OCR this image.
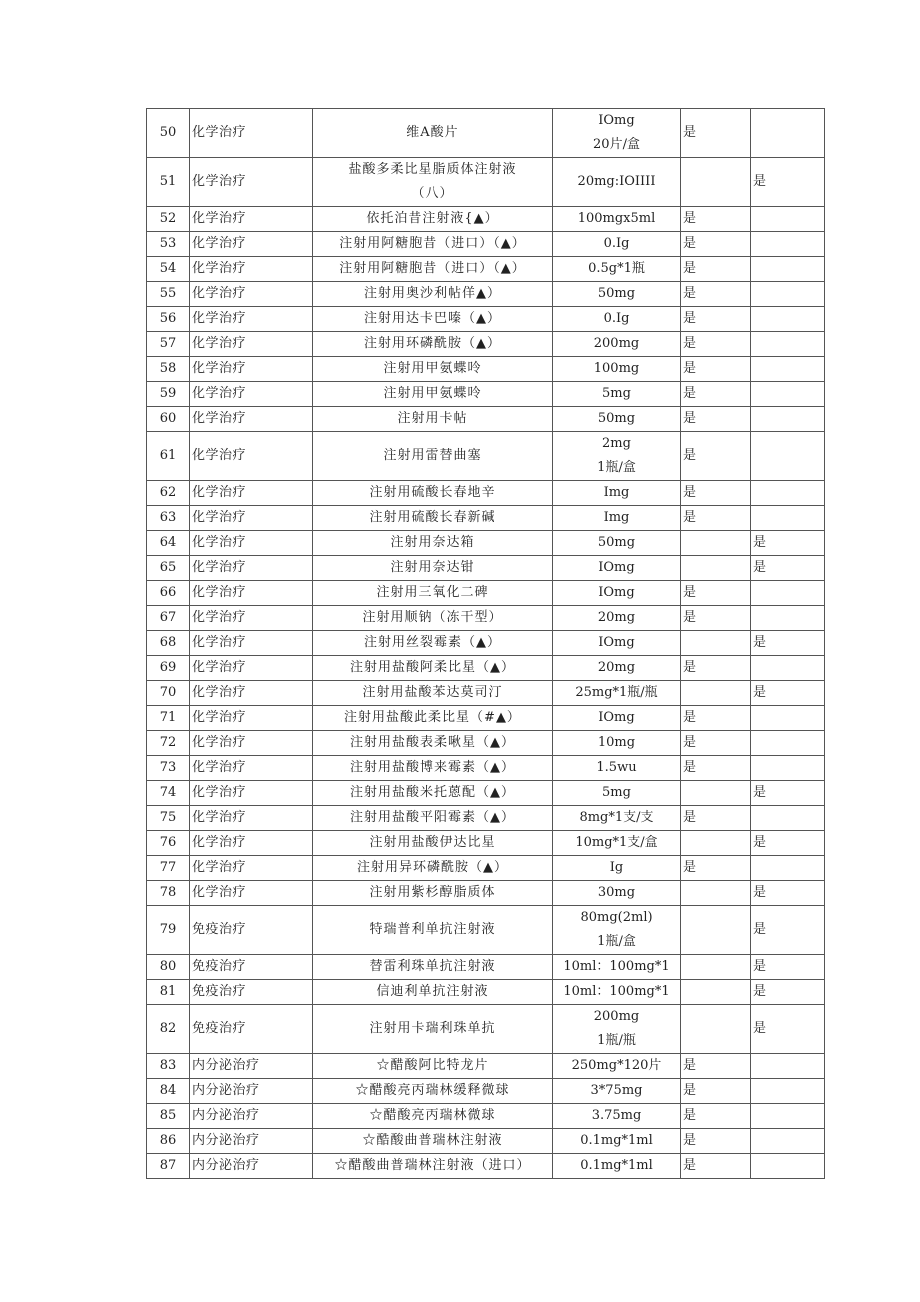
50	化学治疗	维A酸片	IOmg
20片/盒	是	
51	化学治疗	盐酸多柔比星脂质体注射液
（八）	20mg:IOIIII		是
52	化学治疗	依托泊昔注射液{▲）	100mgx5ml	是	
53	化学治疗	注射用阿糖胞昔（进口）（▲）	0.Ig	是	
54	化学治疗	注射用阿糖胞昔（进口）（▲）	0.5g*1瓶	是	
55	化学治疗	注射用奥沙利帖佯▲）	50mg	是	
56	化学治疗	注射用达卡巴嗪（▲）	0.Ig	是	
57	化学治疗	注射用环磷酰胺（▲）	200mg	是	
58	化学治疗	注射用甲氨蝶呤	100mg	是	
59	化学治疗	注射用甲氨蝶呤	5mg	是	
60	化学治疗	注射用卡帖	50mg	是	
61	化学治疗	注射用雷替曲塞	2mg
1瓶/盒	是	
62	化学治疗	注射用硫酸长春地辛	Img	是	
63	化学治疗	注射用硫酸长春新碱	Img	是	
64	化学治疗	注射用奈达箱	50mg		是
65	化学治疗	注射用奈达钳	IOmg		是
66	化学治疗	注射用三氧化二碑	IOmg	是	
67	化学治疗	注射用顺钠（冻干型）	20mg	是	
68	化学治疗	注射用丝裂霉素（▲）	IOmg		是
69	化学治疗	注射用盐酸阿柔比星（▲）	20mg	是	
70	化学治疗	注射用盐酸苯达莫司汀	25mg*1瓶/瓶		是
71	化学治疗	注射用盐酸此柔比星（#▲）	IOmg	是	
72	化学治疗	注射用盐酸表柔啾星（▲）	10mg	是	
73	化学治疗	注射用盐酸博来霉素（▲）	1.5wu	是	
74	化学治疗	注射用盐酸米托蒽配（▲）	5mg		是
75	化学治疗	注射用盐酸平阳霉素（▲）	8mg*1支/支	是	
76	化学治疗	注射用盐酸伊达比星	10mg*1支/盒		是
77	化学治疗	注射用异环磷酰胺（▲）	Ig	是	
78	化学治疗	注射用紫杉醇脂质体	30mg		是
79	免疫治疗	特瑞普利单抗注射液	80mg(2ml)
1瓶/盒		是
80	免疫治疗	替雷利珠单抗注射液	10ml：100mg*1		是
81	免疫治疗	信迪利单抗注射液	10ml：100mg*1		是
82	免疫治疗	注射用卡瑞利珠单抗	200mg
1瓶/瓶		是
83	内分泌治疗	☆醋酸阿比特龙片	250mg*120片	是	
84	内分泌治疗	☆醋酸亮丙瑞林缓释微球	3*75mg	是	
85	内分泌治疗	☆醋酸亮丙瑞林微球	3.75mg	是	
86	内分泌治疗	☆酷酸曲普瑞林注射液	0.1mg*1ml	是	
87	内分泌治疗	☆醋酸曲普瑞林注射液（进口）	0.1mg*1ml	是	
